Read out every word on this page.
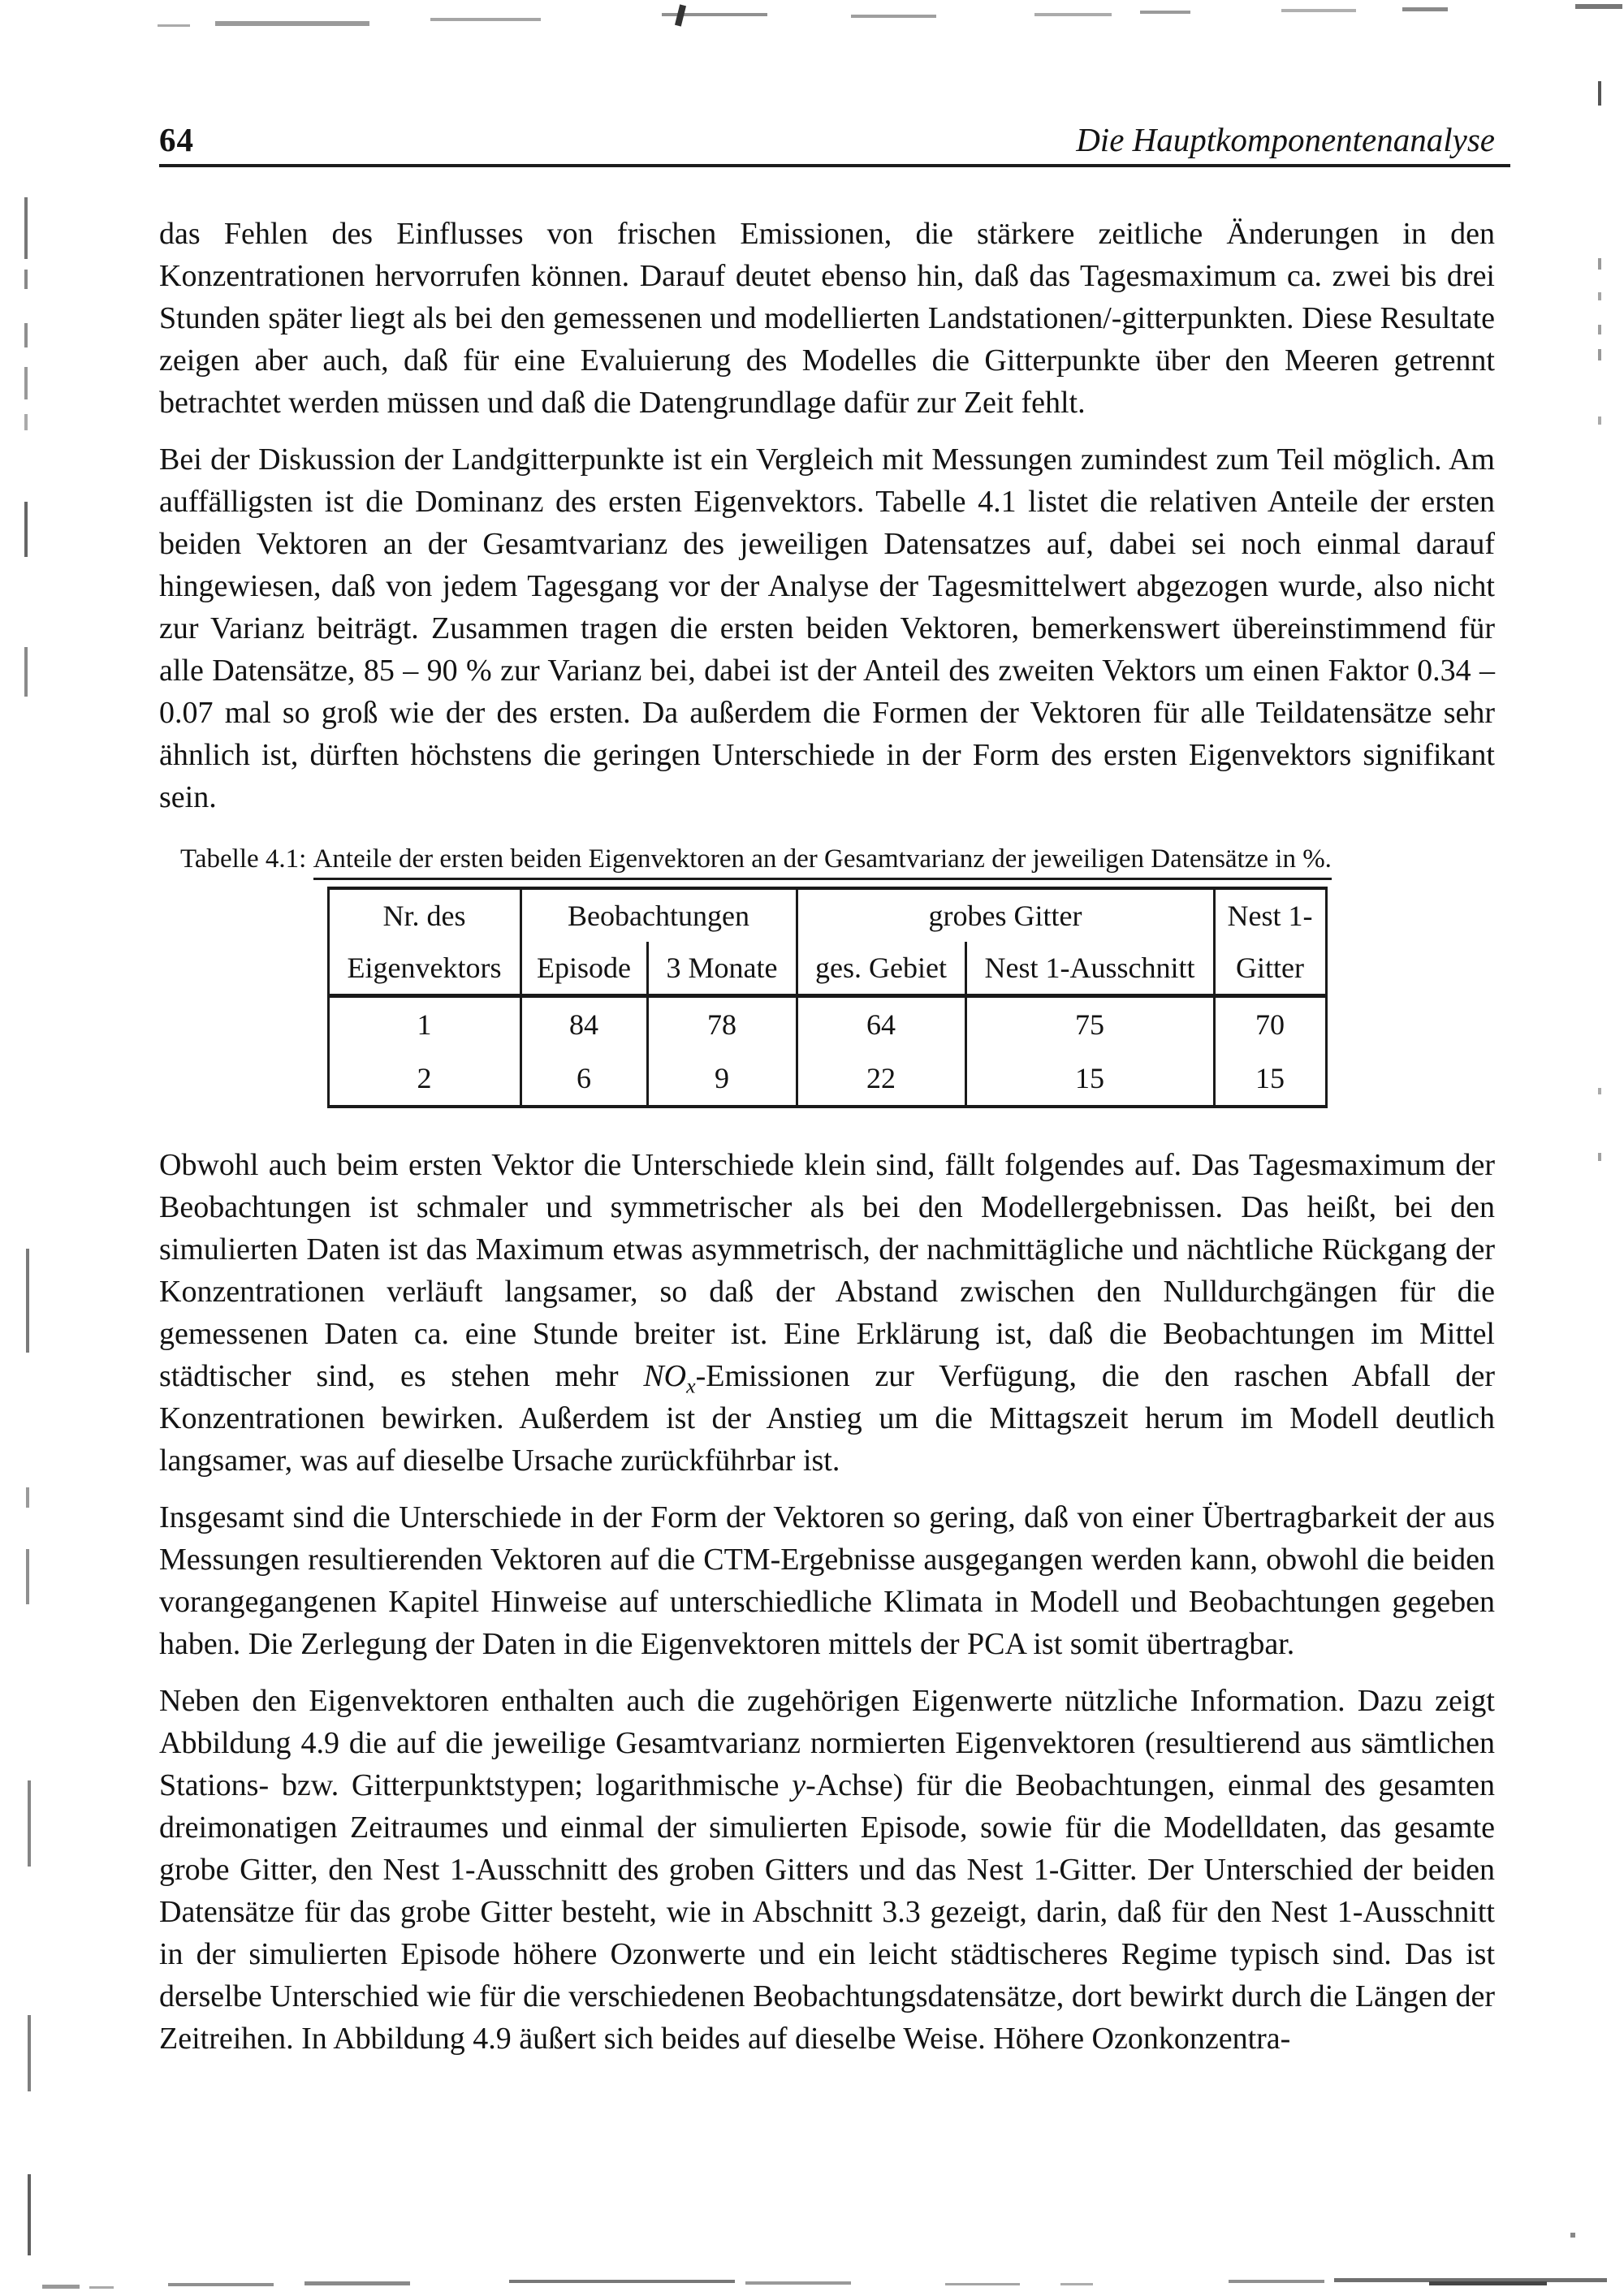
64	Die Hauptkomponentenanalyse

das Fehlen des Einflusses von frischen Emissionen, die stärkere zeitliche Änderungen in den Konzentrationen hervorrufen können. Darauf deutet ebenso hin, daß das Tagesmaximum ca. zwei bis drei Stunden später liegt als bei den gemessenen und modellierten Landstationen/-gitterpunkten. Diese Resultate zeigen aber auch, daß für eine Evaluierung des Modelles die Gitterpunkte über den Meeren getrennt betrachtet werden müssen und daß die Datengrundlage dafür zur Zeit fehlt.

Bei der Diskussion der Landgitterpunkte ist ein Vergleich mit Messungen zumindest zum Teil möglich. Am auffälligsten ist die Dominanz des ersten Eigenvektors. Tabelle 4.1 listet die relativen Anteile der ersten beiden Vektoren an der Gesamtvarianz des jeweiligen Datensatzes auf, dabei sei noch einmal darauf hingewiesen, daß von jedem Tagesgang vor der Analyse der Tagesmittelwert abgezogen wurde, also nicht zur Varianz beiträgt. Zusammen tragen die ersten beiden Vektoren, bemerkenswert übereinstimmend für alle Datensätze, 85 – 90 % zur Varianz bei, dabei ist der Anteil des zweiten Vektors um einen Faktor 0.34 – 0.07 mal so groß wie der des ersten. Da außerdem die Formen der Vektoren für alle Teildatensätze sehr ähnlich ist, dürften höchstens die geringen Unterschiede in der Form des ersten Eigenvektors signifikant sein.

Tabelle 4.1: Anteile der ersten beiden Eigenvektoren an der Gesamtvarianz der jeweiligen Datensätze in %.

Nr. des	Beobachtungen		grobes Gitter		Nest 1-
Eigenvektors	Episode	3 Monate	ges. Gebiet	Nest 1-Ausschnitt	Gitter
1	84	78	64	75	70
2	6	9	22	15	15

Obwohl auch beim ersten Vektor die Unterschiede klein sind, fällt folgendes auf. Das Tagesmaximum der Beobachtungen ist schmaler und symmetrischer als bei den Modellergebnissen. Das heißt, bei den simulierten Daten ist das Maximum etwas asymmetrisch, der nachmittägliche und nächtliche Rückgang der Konzentrationen verläuft langsamer, so daß der Abstand zwischen den Nulldurchgängen für die gemessenen Daten ca. eine Stunde breiter ist. Eine Erklärung ist, daß die Beobachtungen im Mittel städtischer sind, es stehen mehr $NO_x$-Emissionen zur Verfügung, die den raschen Abfall der Konzentrationen bewirken. Außerdem ist der Anstieg um die Mittagszeit herum im Modell deutlich langsamer, was auf dieselbe Ursache zurückführbar ist.

Insgesamt sind die Unterschiede in der Form der Vektoren so gering, daß von einer Übertragbarkeit der aus Messungen resultierenden Vektoren auf die CTM-Ergebnisse ausgegangen werden kann, obwohl die beiden vorangegangenen Kapitel Hinweise auf unterschiedliche Klimata in Modell und Beobachtungen gegeben haben. Die Zerlegung der Daten in die Eigenvektoren mittels der PCA ist somit übertragbar.

Neben den Eigenvektoren enthalten auch die zugehörigen Eigenwerte nützliche Information. Dazu zeigt Abbildung 4.9 die auf die jeweilige Gesamtvarianz normierten Eigenvektoren (resultierend aus sämtlichen Stations- bzw. Gitterpunktstypen; logarithmische y-Achse) für die Beobachtungen, einmal des gesamten dreimonatigen Zeitraumes und einmal der simulierten Episode, sowie für die Modelldaten, das gesamte grobe Gitter, den Nest 1-Ausschnitt des groben Gitters und das Nest 1-Gitter. Der Unterschied der beiden Datensätze für das grobe Gitter besteht, wie in Abschnitt 3.3 gezeigt, darin, daß für den Nest 1-Ausschnitt in der simulierten Episode höhere Ozonwerte und ein leicht städtischeres Regime typisch sind. Das ist derselbe Unterschied wie für die verschiedenen Beobachtungsdatensätze, dort bewirkt durch die Längen der Zeitreihen. In Abbildung 4.9 äußert sich beides auf dieselbe Weise. Höhere Ozonkonzentra-
